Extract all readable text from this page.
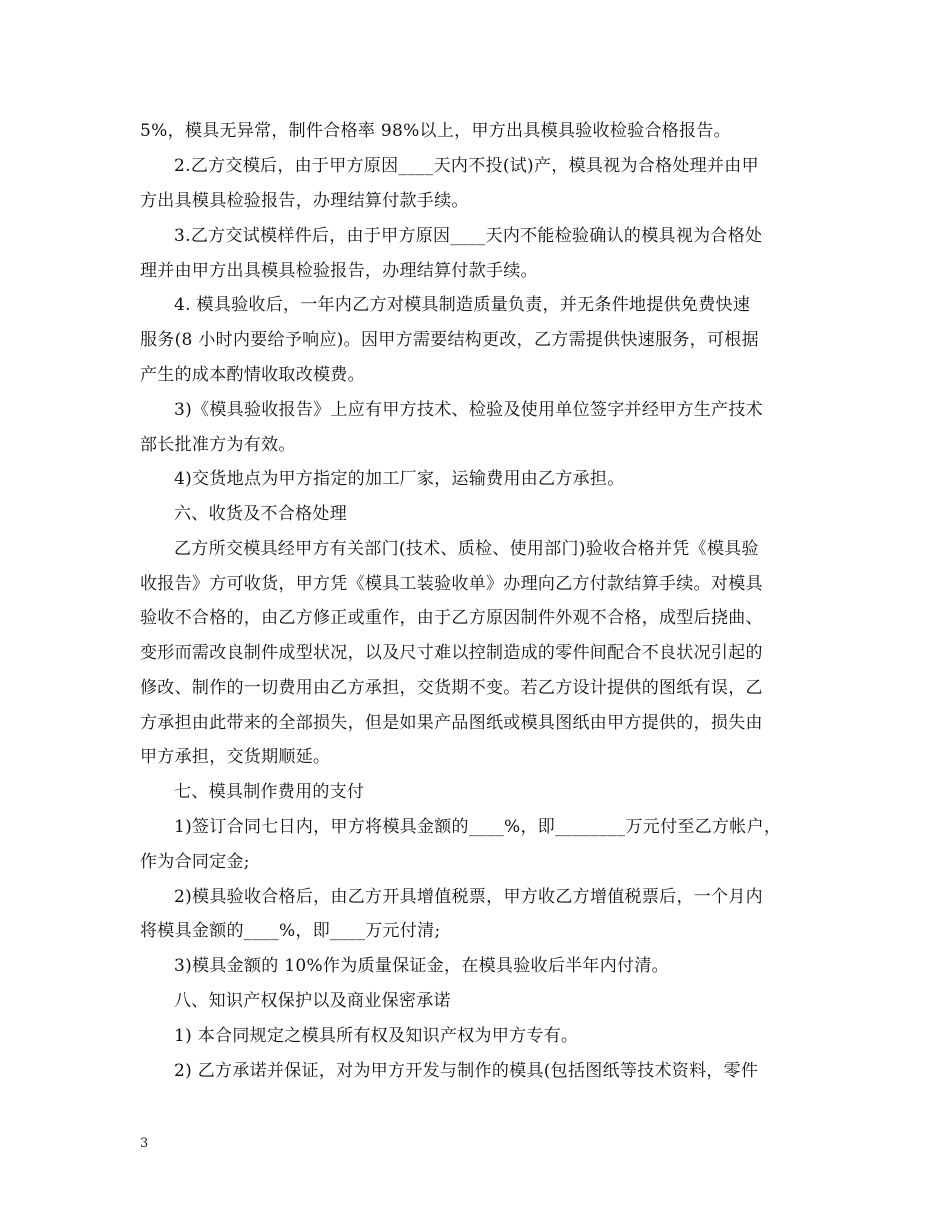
5%，模具无异常，制件合格率 98%以上，甲方出具模具验收检验合格报告。
2.乙方交模后，由于甲方原因____天内不投(试)产，模具视为合格处理并由甲
方出具模具检验报告，办理结算付款手续。
3.乙方交试模样件后，由于甲方原因____天内不能检验确认的模具视为合格处
理并由甲方出具模具检验报告，办理结算付款手续。
4. 模具验收后，一年内乙方对模具制造质量负责，并无条件地提供免费快速
服务(8 小时内要给予响应)。因甲方需要结构更改，乙方需提供快速服务，可根据
产生的成本酌情收取改模费。
3)《模具验收报告》上应有甲方技术、检验及使用单位签字并经甲方生产技术
部长批准方为有效。
4)交货地点为甲方指定的加工厂家，运输费用由乙方承担。
六、收货及不合格处理
乙方所交模具经甲方有关部门(技术、质检、使用部门)验收合格并凭《模具验
收报告》方可收货，甲方凭《模具工装验收单》办理向乙方付款结算手续。对模具
验收不合格的，由乙方修正或重作，由于乙方原因制件外观不合格，成型后挠曲、
变形而需改良制件成型状况，以及尺寸难以控制造成的零件间配合不良状况引起的
修改、制作的一切费用由乙方承担，交货期不变。若乙方设计提供的图纸有误，乙
方承担由此带来的全部损失，但是如果产品图纸或模具图纸由甲方提供的，损失由
甲方承担，交货期顺延。
七、模具制作费用的支付
1)签订合同七日内，甲方将模具金额的____%，即________万元付至乙方帐户，
作为合同定金;
2)模具验收合格后，由乙方开具增值税票，甲方收乙方增值税票后，一个月内
将模具金额的____%，即____万元付清;
3)模具金额的 10%作为质量保证金，在模具验收后半年内付清。
八、知识产权保护以及商业保密承诺
1) 本合同规定之模具所有权及知识产权为甲方专有。
2) 乙方承诺并保证，对为甲方开发与制作的模具(包括图纸等技术资料，零件
3
